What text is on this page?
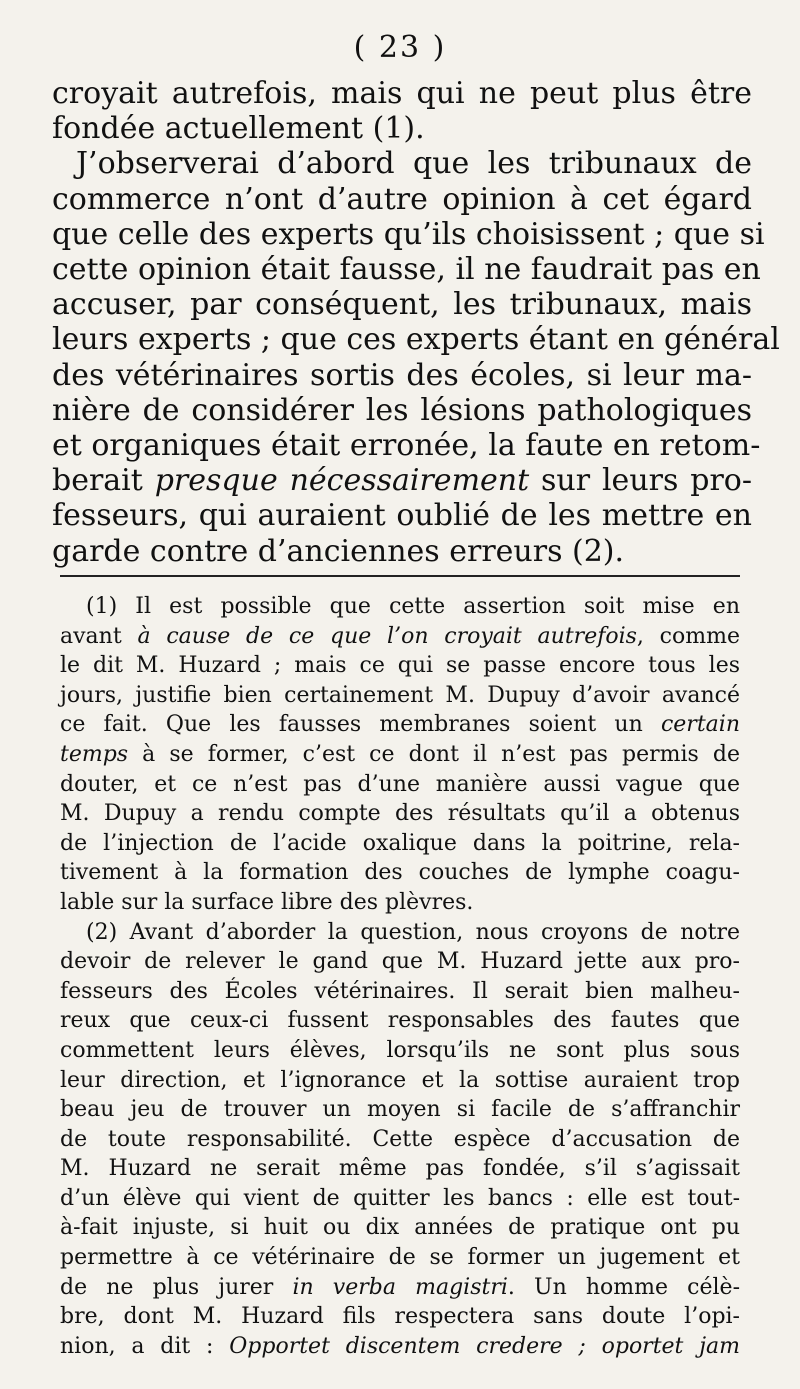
( 23 )
croyait autrefois, mais qui ne peut plus être
fondée actuellement (1).
J’observerai d’abord que les tribunaux de
commerce n’ont d’autre opinion à cet égard
que celle des experts qu’ils choisissent ; que si
cette opinion était fausse, il ne faudrait pas en
accuser, par conséquent, les tribunaux, mais
leurs experts ; que ces experts étant en général
des vétérinaires sortis des écoles, si leur ma-
nière de considérer les lésions pathologiques
et organiques était erronée, la faute en retom-
berait presque nécessairement sur leurs pro-
fesseurs, qui auraient oublié de les mettre en
garde contre d’anciennes erreurs (2).
(1) Il est possible que cette assertion soit mise en
avant à cause de ce que l’on croyait autrefois, comme
le dit M. Huzard ; mais ce qui se passe encore tous les
jours, justifie bien certainement M. Dupuy d’avoir avancé
ce fait. Que les fausses membranes soient un certain
temps à se former, c’est ce dont il n’est pas permis de
douter, et ce n’est pas d’une manière aussi vague que
M. Dupuy a rendu compte des résultats qu’il a obtenus
de l’injection de l’acide oxalique dans la poitrine, rela-
tivement à la formation des couches de lymphe coagu-
lable sur la surface libre des plèvres.
(2) Avant d’aborder la question, nous croyons de notre
devoir de relever le gand que M. Huzard jette aux pro-
fesseurs des Écoles vétérinaires. Il serait bien malheu-
reux que ceux-ci fussent responsables des fautes que
commettent leurs élèves, lorsqu’ils ne sont plus sous
leur direction, et l’ignorance et la sottise auraient trop
beau jeu de trouver un moyen si facile de s’affranchir
de toute responsabilité. Cette espèce d’accusation de
M. Huzard ne serait même pas fondée, s’il s’agissait
d’un élève qui vient de quitter les bancs : elle est tout-
à-fait injuste, si huit ou dix années de pratique ont pu
permettre à ce vétérinaire de se former un jugement et
de ne plus jurer in verba magistri. Un homme célè-
bre, dont M. Huzard fils respectera sans doute l’opi-
nion, a dit : Opportet discentem credere ; oportet jam
